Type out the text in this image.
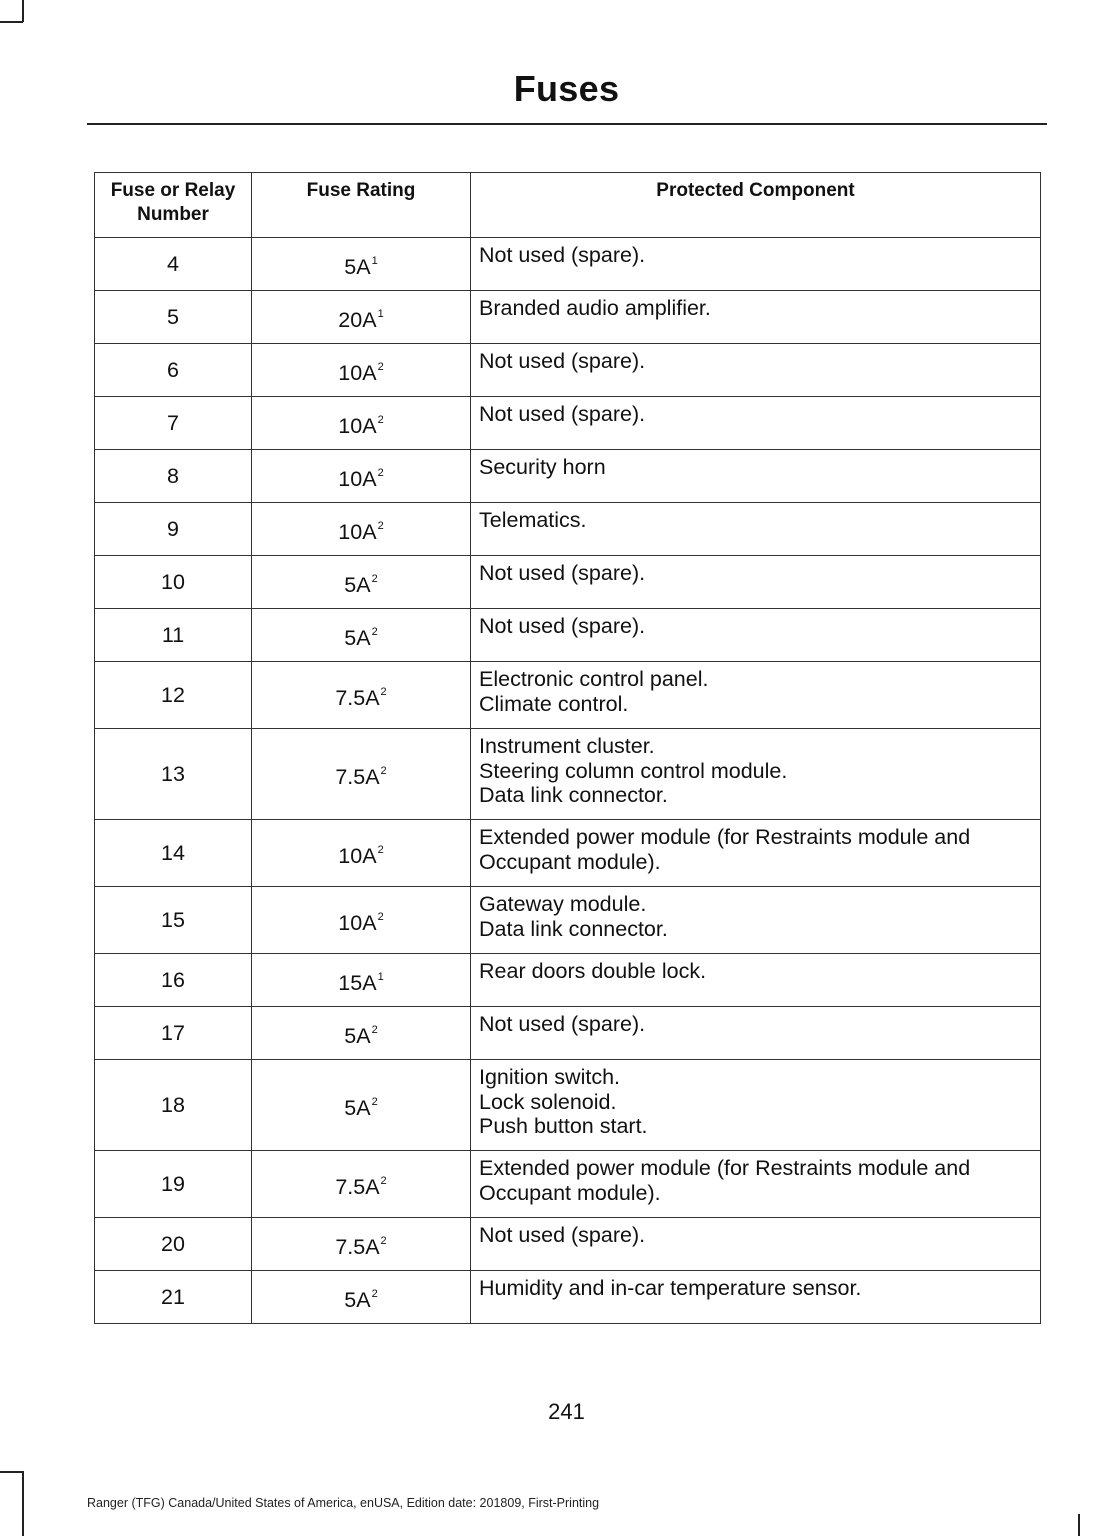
Fuses
Fuse or Relay Number	Fuse Rating	Protected Component
4	$5A^1$	Not used (spare).

5	$20A^1$	Branded audio amplifier.

6	$10A^2$	Not used (spare).

7	$10A^2$	Not used (spare).

8	$10A^2$	Security horn

9	$10A^2$	Telematics.

10	$5A^2$	Not used (spare).

11	$5A^2$	Not used (spare).

12	$7.5A^2$	Electronic control panel.
Climate control.

13	$7.5A^2$	Instrument cluster.
Steering column control module.
Data link connector.

14	$10A^2$	Extended power module (for Restraints module and
Occupant module).

15	$10A^2$	Gateway module.
Data link connector.

16	$15A^1$	Rear doors double lock.

17	$5A^2$	Not used (spare).

18	$5A^2$	Ignition switch.
Lock solenoid.
Push button start.

19	$7.5A^2$	Extended power module (for Restraints module and
Occupant module).

20	$7.5A^2$	Not used (spare).

21	$5A^2$	Humidity and in-car temperature sensor.
241
Ranger (TFG) Canada/United States of America, enUSA, Edition date: 201809, First-Printing
